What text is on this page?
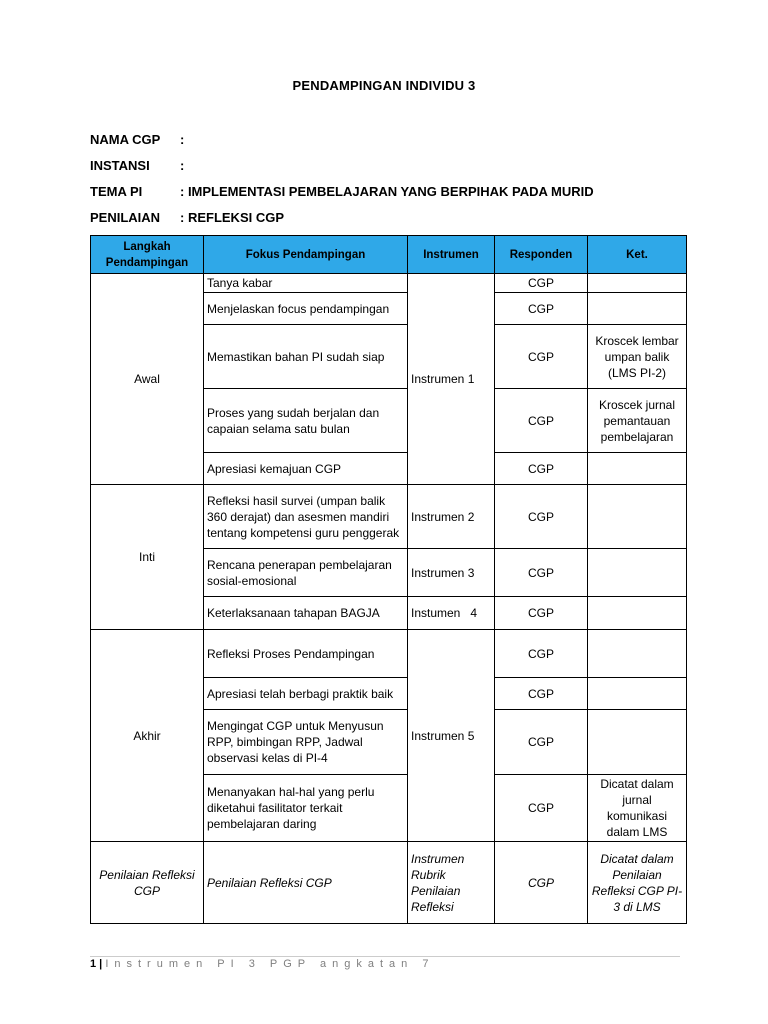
PENDAMPINGAN INDIVIDU 3
NAMA CGP :
INSTANSI :
TEMA PI	: IMPLEMENTASI PEMBELAJARAN YANG BERPIHAK PADA MURID
PENILAIAN : REFLEKSI CGP
Langkah Pendampingan	Fokus Pendampingan	Instrumen	Responden	Ket.
Awal	Tanya kabar	Instrumen 1	CGP	
	Menjelaskan focus pendampingan		CGP	
	Memastikan bahan PI sudah siap		CGP	Kroscek lembar umpan balik (LMS PI-2)
	Proses yang sudah berjalan dan capaian selama satu bulan		CGP	Kroscek jurnal pemantauan pembelajaran
	Apresiasi kemajuan CGP		CGP	
Inti	Refleksi hasil survei (umpan balik 360 derajat) dan asesmen mandiri tentang kompetensi guru penggerak	Instrumen 2	CGP	
	Rencana penerapan pembelajaran sosial-emosional	Instrumen 3	CGP	
	Keterlaksanaan tahapan BAGJA	Instumen   4	CGP	
Akhir	Refleksi Proses Pendampingan	Instrumen 5	CGP	
	Apresiasi telah berbagi praktik baik		CGP	
	Mengingat CGP untuk Menyusun RPP, bimbingan RPP, Jadwal observasi kelas di PI-4		CGP	
	Menanyakan hal-hal yang perlu diketahui fasilitator terkait pembelajaran daring		CGP	Dicatat dalam jurnal komunikasi dalam LMS
Penilaian Refleksi CGP	Penilaian Refleksi CGP	Instrumen Rubrik Penilaian Refleksi	CGP	Dicatat dalam Penilaian Refleksi CGP PI-3 di LMS
1 | Instrumen PI 3 PGP angkatan 7
